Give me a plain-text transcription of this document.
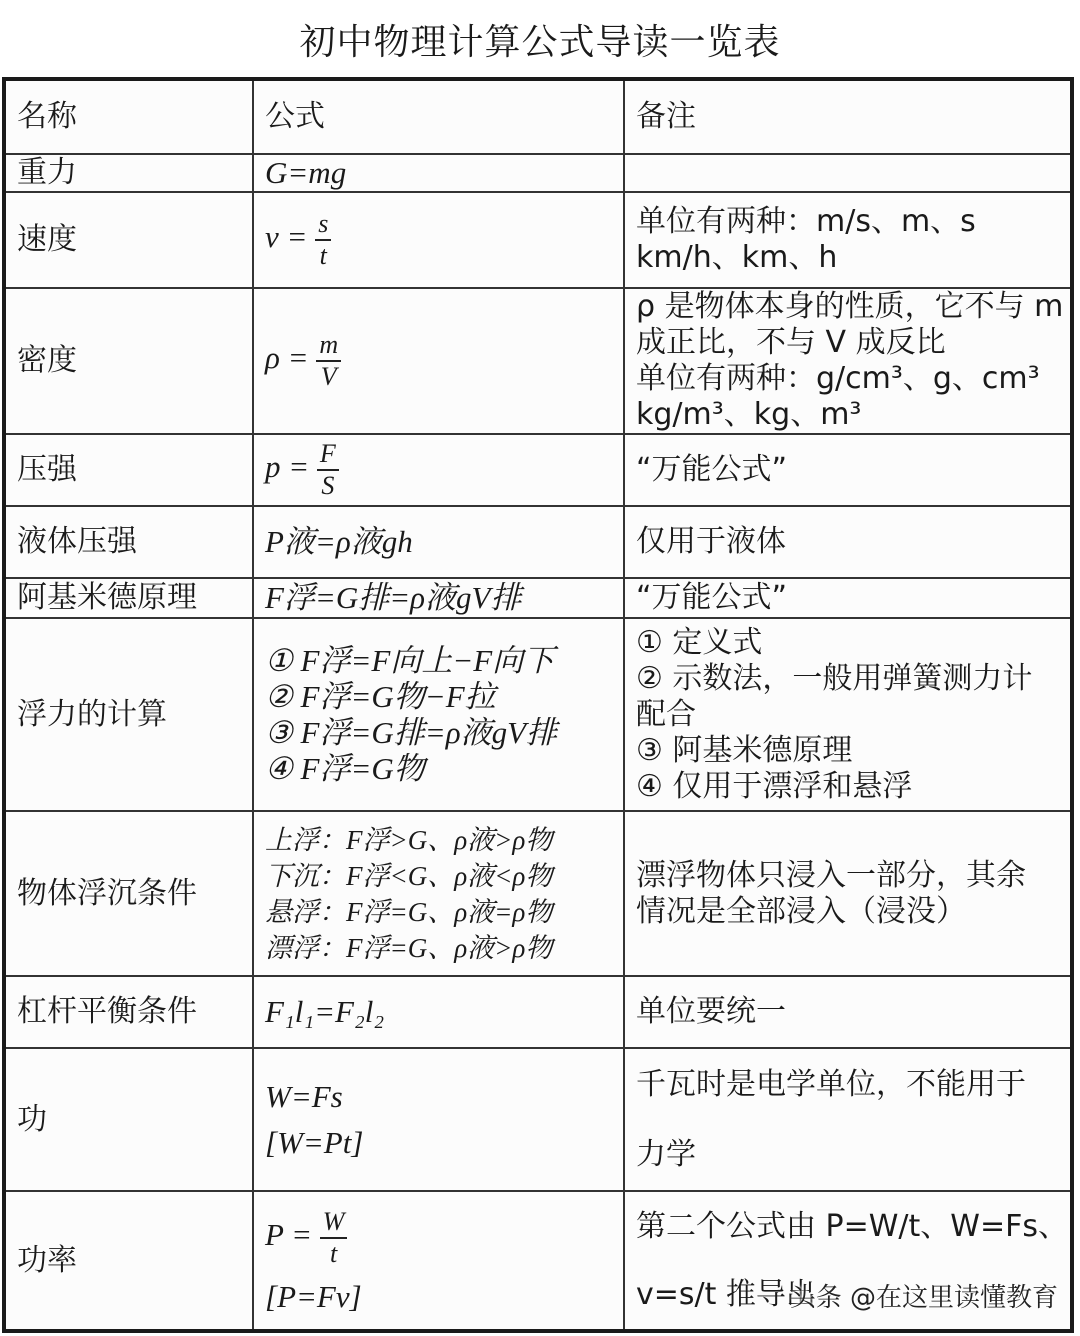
初中物理计算公式导读一览表
名称	公式	备注
重力	G=mg	
速度	$v = \frac{s}{t}$	单位有两种：m/s、m、s
km/h、km、h

密度	$\rho = \frac{m}{V}$	ρ 是物体本身的性质，它不与 m
成正比，不与 V 成反比
单位有两种：g/cm³、g、cm³
kg/m³、kg、m³

压强	$p = \frac{F}{S}$	“万能公式”
液体压强	P液=ρ液gh	仅用于液体
阿基米德原理	F浮=G排=ρ液gV排	“万能公式”
浮力的计算	① F浮=F向上−F向下
② F浮=G物−F拉
③ F浮=G排=ρ液gV排
④ F浮=G物	① 定义式
② 示数法，一般用弹簧测力计
配合
③ 阿基米德原理
④ 仅用于漂浮和悬浮

物体浮沉条件	上浮：F浮>G、ρ液>ρ物
下沉：F浮<G、ρ液<ρ物
悬浮：F浮=G、ρ液=ρ物
漂浮：F浮=G、ρ液>ρ物	漂浮物体只浸入一部分，其余
情况是全部浸入（浸没）

杠杆平衡条件	F₁l₁=F₂l₂	单位要统一
功	W=Fs
[W=Pt]	千瓦时是电学单位，不能用于
力学

功率	$P = \frac{W}{t}$
[P=Fv]	第二个公式由 P=W/t、W=Fs、
v=s/t 推导出
头条 @在这里读懂教育
